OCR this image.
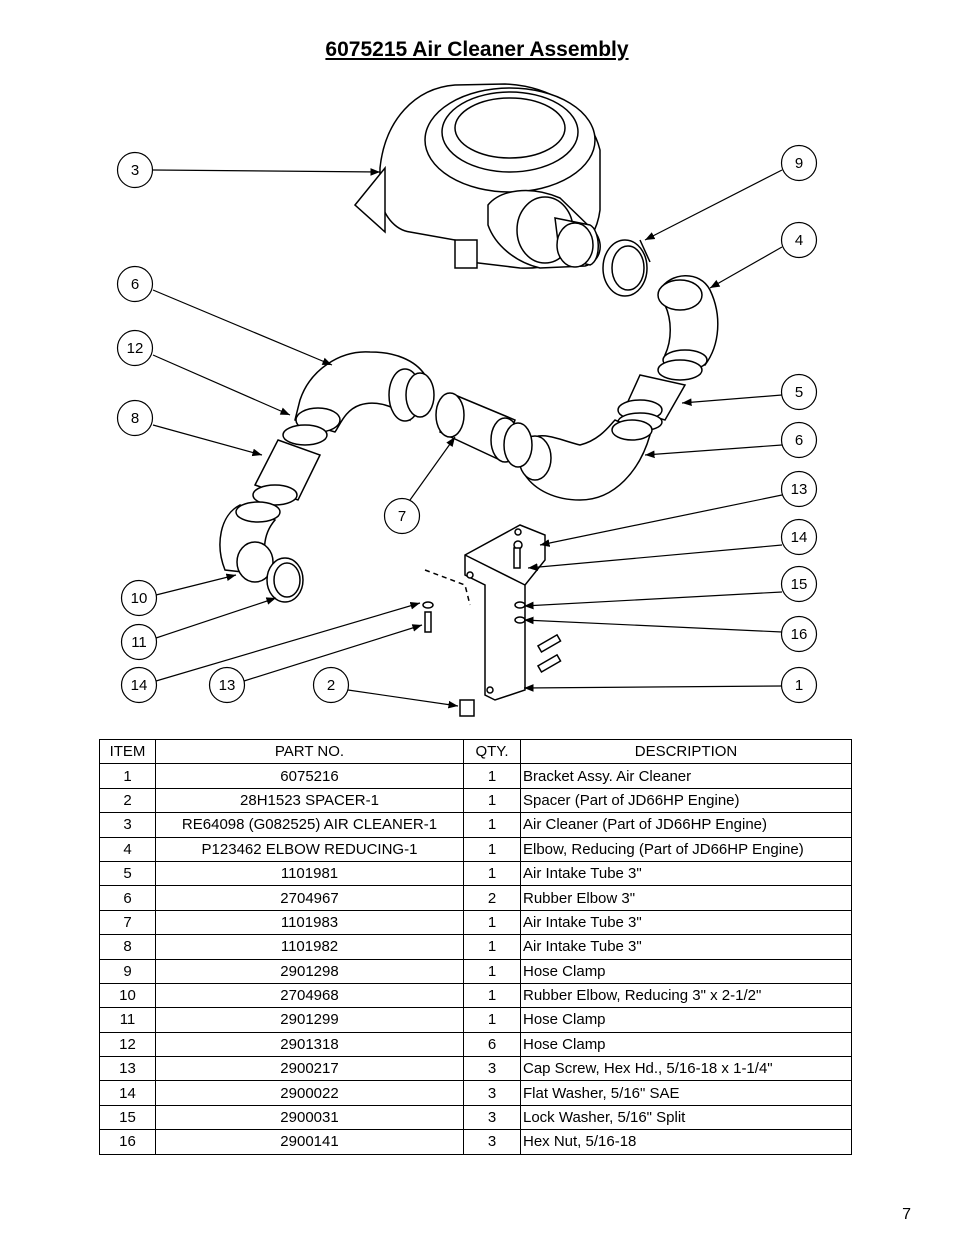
6075215 Air Cleaner Assembly
3	9
4
6
12
8
5
6
7
13
14
10
15
11	16
14	13	2	1
ITEM	PART NO.	QTY.	DESCRIPTION
1	6075216	1	Bracket Assy. Air Cleaner
2	28H1523 SPACER-1	1	Spacer (Part of JD66HP Engine)
3	RE64098 (G082525) AIR CLEANER-1	1	Air Cleaner (Part of JD66HP Engine)
4	P123462 ELBOW REDUCING-1	1	Elbow, Reducing (Part of JD66HP Engine)
5	1101981	1	Air Intake Tube 3"
6	2704967	2	Rubber Elbow 3"
7	1101983	1	Air Intake Tube 3"
8	1101982	1	Air Intake Tube 3"
9	2901298	1	Hose Clamp
10	2704968	1	Rubber Elbow, Reducing 3" x 2-1/2"
11	2901299	1	Hose Clamp
12	2901318	6	Hose Clamp
13	2900217	3	Cap Screw, Hex Hd., 5/16-18 x 1-1/4"
14	2900022	3	Flat Washer, 5/16" SAE
15	2900031	3	Lock Washer, 5/16" Split
16	2900141	3	Hex Nut, 5/16-18
7
